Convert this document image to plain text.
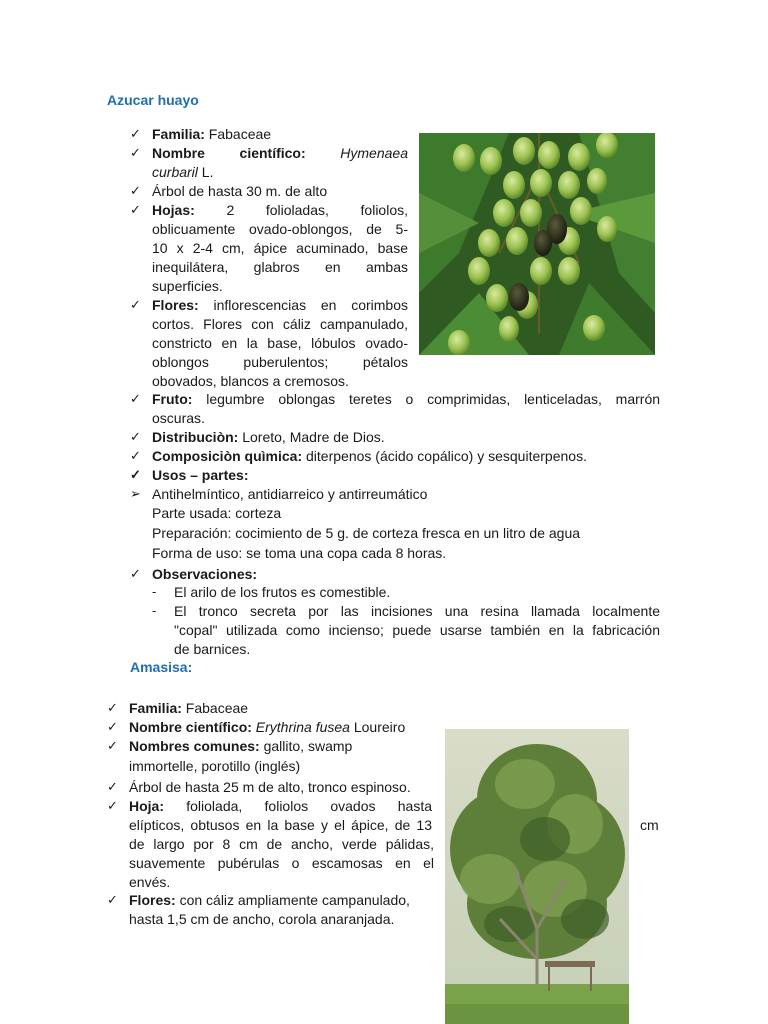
Azucar huayo
✓ Familia: Fabaceae
✓ Nombre científico: Hymenaea
curbaril L.
✓ Árbol de hasta 30 m. de alto
✓ Hojas: 2 folioladas, foliolos,
oblicuamente ovado-oblongos, de 5-
10 x 2-4 cm, ápice acuminado, base
inequilátera, glabros en ambas
superficies.
✓ Flores: inflorescencias en corimbos
cortos. Flores con cáliz campanulado,
constricto en la base, lóbulos ovado-
oblongos puberulentos; pétalos
obovados, blancos a cremosos.
✓ Fruto: legumbre oblongas teretes o comprimidas, lenticeladas, marrón
oscuras.
✓ Distribuciòn: Loreto, Madre de Dios.
✓ Composiciòn quìmica: diterpenos (ácido copálico) y sesquiterpenos.
✓ Usos – partes:
➢ Antihelmíntico, antidiarreico y antirreumático
Parte usada: corteza
Preparación: cocimiento de 5 g. de corteza fresca en un litro de agua
Forma de uso: se toma una copa cada 8 horas.
✓ Observaciones:
- El arilo de los frutos es comestible.
- El tronco secreta por las incisiones una resina llamada localmente
"copal" utilizada como incienso; puede usarse también en la fabricación
de barnices.
Amasisa:
✓ Familia: Fabaceae
✓ Nombre científico: Erythrina fusea Loureiro
✓ Nombres comunes: gallito, swamp
immortelle, porotillo (inglés)
✓ Árbol de hasta 25 m de alto, tronco espinoso.
✓ Hoja: foliolada, foliolos ovados hasta
elípticos, obtusos en la base y el ápice, de 13	cm
de largo por 8 cm de ancho, verde pálidas,
suavemente pubérulas o escamosas en el
envés.
✓ Flores: con cáliz ampliamente campanulado,
hasta 1,5 cm de ancho, corola anaranjada.
